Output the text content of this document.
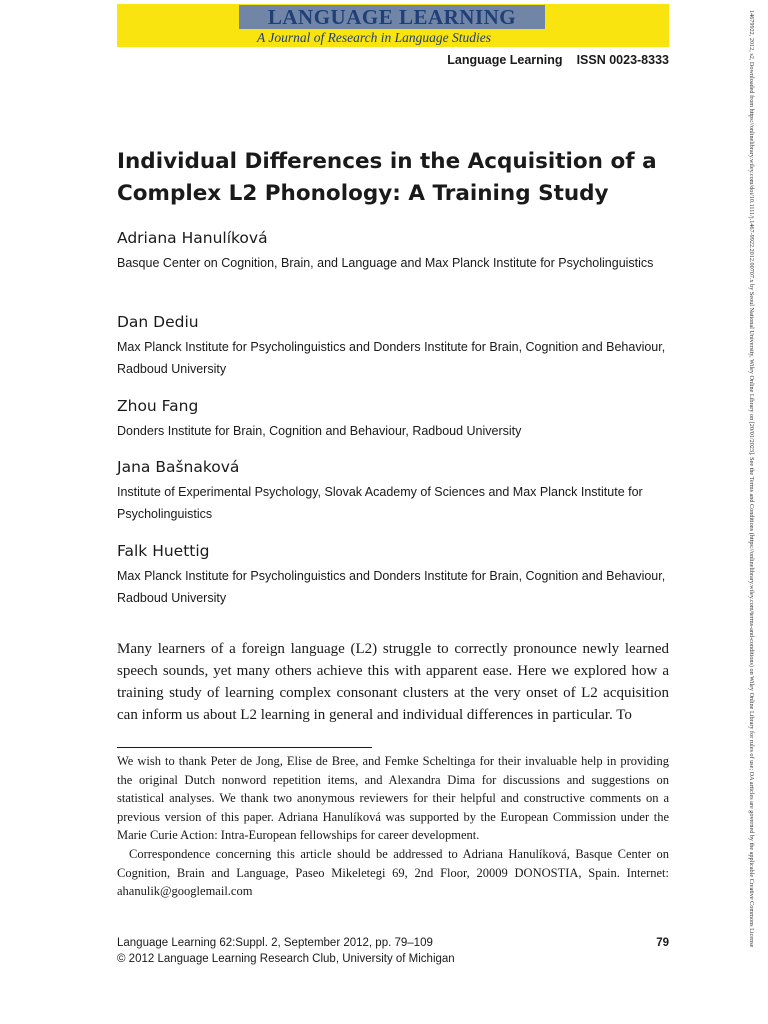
LANGUAGE LEARNING
A Journal of Research in Language Studies
Language Learning ISSN 0023-8333
Individual Differences in the Acquisition of a Complex L2 Phonology: A Training Study

Adriana Hanulíková

Basque Center on Cognition, Brain, and Language and Max Planck Institute for Psycholinguistics

Dan Dediu

Max Planck Institute for Psycholinguistics and Donders Institute for Brain, Cognition and Behaviour, Radboud University

Zhou Fang

Donders Institute for Brain, Cognition and Behaviour, Radboud University

Jana Bašnaková

Institute of Experimental Psychology, Slovak Academy of Sciences and Max Planck Institute for Psycholinguistics

Falk Huettig

Max Planck Institute for Psycholinguistics and Donders Institute for Brain, Cognition and Behaviour, Radboud University

Many learners of a foreign language (L2) struggle to correctly pronounce newly learned speech sounds, yet many others achieve this with apparent ease. Here we explored how a training study of learning complex consonant clusters at the very onset of L2 acquisition can inform us about L2 learning in general and individual differences in particular. To

We wish to thank Peter de Jong, Elise de Bree, and Femke Scheltinga for their invaluable help in providing the original Dutch nonword repetition items, and Alexandra Dima for discussions and suggestions on statistical analyses. We thank two anonymous reviewers for their helpful and constructive comments on a previous version of this paper. Adriana Hanulíková was supported by the European Commission under the Marie Curie Action: Intra-European fellowships for career development.

Correspondence concerning this article should be addressed to Adriana Hanulíková, Basque Center on Cognition, Brain and Language, Paseo Mikeletegi 69, 2nd Floor, 20009 DONOSTIA, Spain. Internet: ahanulik@googlemail.com

Language Learning 62:Suppl. 2, September 2012, pp. 79–109	79
© 2012 Language Learning Research Club, University of Michigan
14679922, 2012, s2, Downloaded from https://onlinelibrary.wiley.com/doi/10.1111/j.1467-9922.2012.00707.x by Seoul National University, Wiley Online Library on [20/01/2023]. See the Terms and Conditions (https://onlinelibrary.wiley.com/terms-and-conditions) on Wiley Online Library for rules of use; OA articles are governed by the applicable Creative Commons License
